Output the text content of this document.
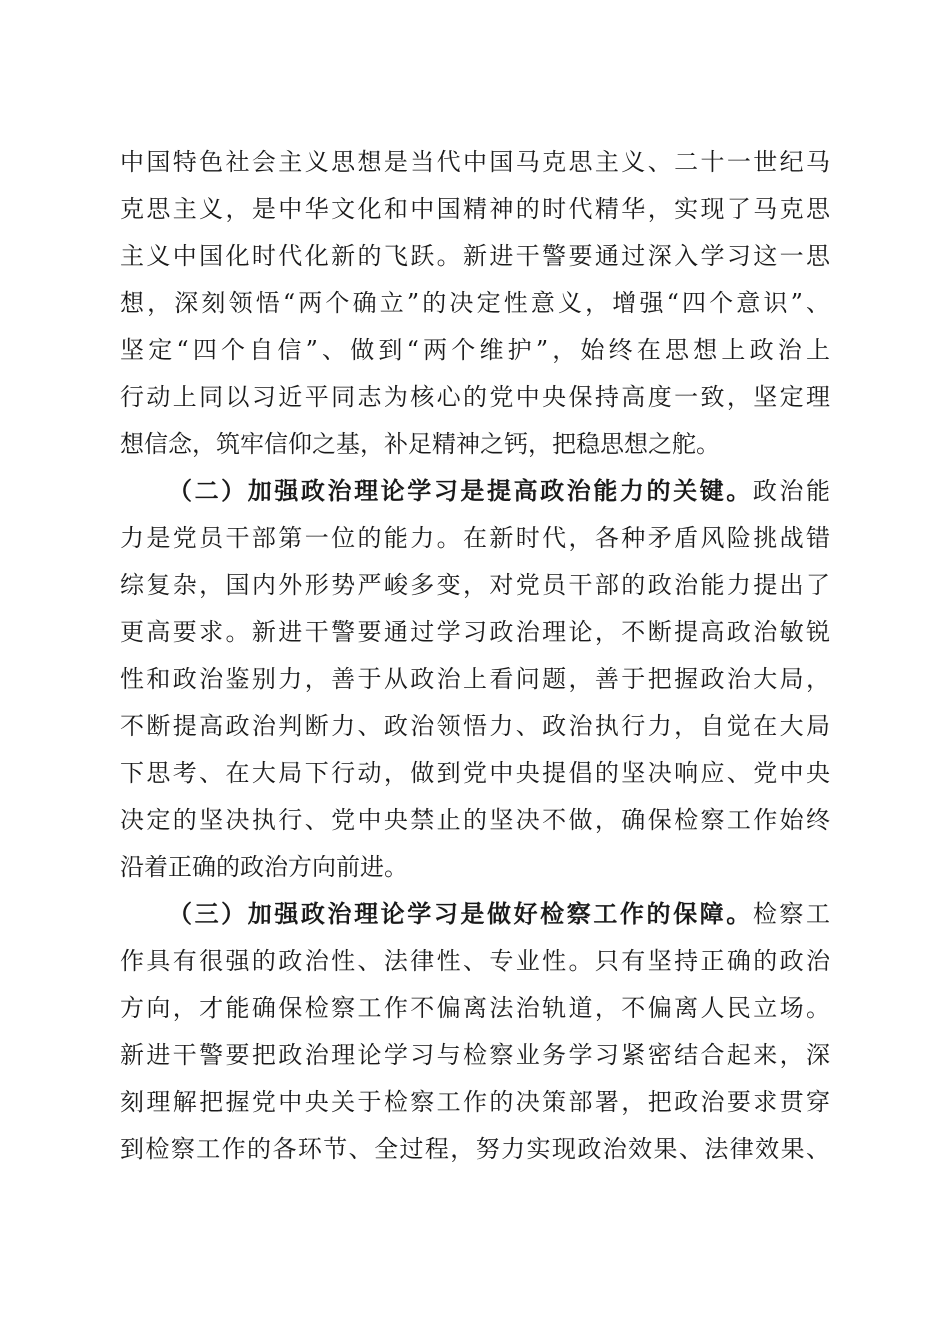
中国特色社会主义思想是当代中国马克思主义、二十一世纪马
克思主义，是中华文化和中国精神的时代精华，实现了马克思
主义中国化时代化新的飞跃。新进干警要通过深入学习这一思
想，深刻领悟“两个确立”的决定性意义，增强“四个意识”、
坚定“四个自信”、做到“两个维护”，始终在思想上政治上
行动上同以习近平同志为核心的党中央保持高度一致，坚定理
想信念，筑牢信仰之基，补足精神之钙，把稳思想之舵。
（二）加强政治理论学习是提高政治能力的关键。政治能
力是党员干部第一位的能力。在新时代，各种矛盾风险挑战错
综复杂，国内外形势严峻多变，对党员干部的政治能力提出了
更高要求。新进干警要通过学习政治理论，不断提高政治敏锐
性和政治鉴别力，善于从政治上看问题，善于把握政治大局，
不断提高政治判断力、政治领悟力、政治执行力，自觉在大局
下思考、在大局下行动，做到党中央提倡的坚决响应、党中央
决定的坚决执行、党中央禁止的坚决不做，确保检察工作始终
沿着正确的政治方向前进。
（三）加强政治理论学习是做好检察工作的保障。检察工
作具有很强的政治性、法律性、专业性。只有坚持正确的政治
方向，才能确保检察工作不偏离法治轨道，不偏离人民立场。
新进干警要把政治理论学习与检察业务学习紧密结合起来，深
刻理解把握党中央关于检察工作的决策部署，把政治要求贯穿
到检察工作的各环节、全过程，努力实现政治效果、法律效果、
